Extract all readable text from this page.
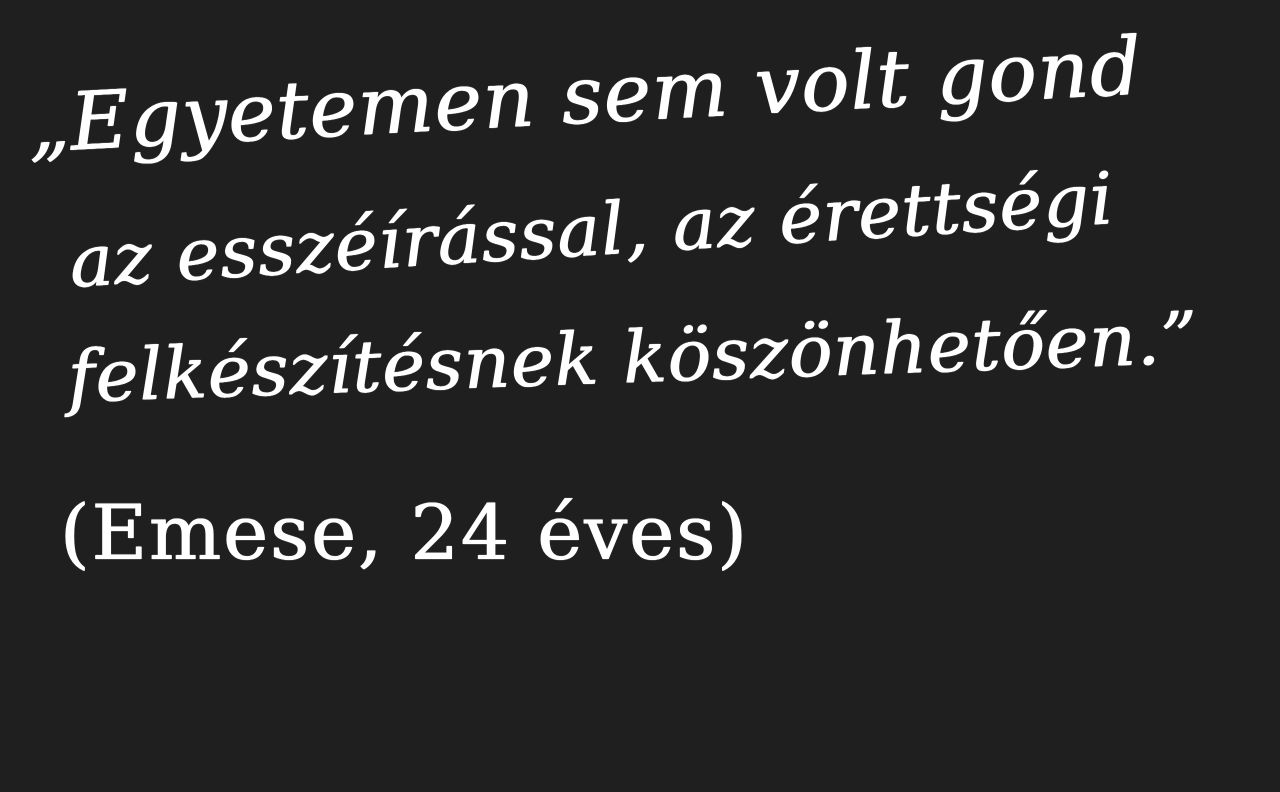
„Egyetemen sem volt gond
az esszéírással, az érettségi
felkészítésnek köszönhetően.”
(Emese, 24 éves)
